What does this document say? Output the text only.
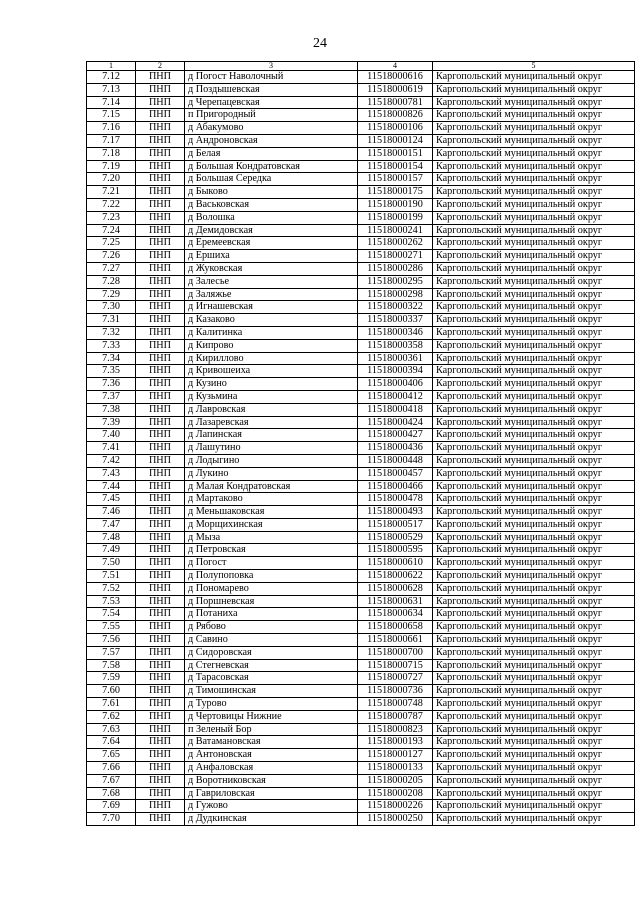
24
1	2	3	4	5
7.12	ПНП	д Погост Наволочный	11518000616	Каргопольский муниципальный округ
7.13	ПНП	д Поздышевская	11518000619	Каргопольский муниципальный округ
7.14	ПНП	д Черепацевская	11518000781	Каргопольский муниципальный округ
7.15	ПНП	п Пригородный	11518000826	Каргопольский муниципальный округ
7.16	ПНП	д Абакумово	11518000106	Каргопольский муниципальный округ
7.17	ПНП	д Андроновская	11518000124	Каргопольский муниципальный округ
7.18	ПНП	д Белая	11518000151	Каргопольский муниципальный округ
7.19	ПНП	д Большая Кондратовская	11518000154	Каргопольский муниципальный округ
7.20	ПНП	д Большая Середка	11518000157	Каргопольский муниципальный округ
7.21	ПНП	д Быково	11518000175	Каргопольский муниципальный округ
7.22	ПНП	д Васьковская	11518000190	Каргопольский муниципальный округ
7.23	ПНП	д Волошка	11518000199	Каргопольский муниципальный округ
7.24	ПНП	д Демидовская	11518000241	Каргопольский муниципальный округ
7.25	ПНП	д Еремеевская	11518000262	Каргопольский муниципальный округ
7.26	ПНП	д Ершиха	11518000271	Каргопольский муниципальный округ
7.27	ПНП	д Жуковская	11518000286	Каргопольский муниципальный округ
7.28	ПНП	д Залесье	11518000295	Каргопольский муниципальный округ
7.29	ПНП	д Заляжье	11518000298	Каргопольский муниципальный округ
7.30	ПНП	д Игнашевская	11518000322	Каргопольский муниципальный округ
7.31	ПНП	д Казаково	11518000337	Каргопольский муниципальный округ
7.32	ПНП	д Калитинка	11518000346	Каргопольский муниципальный округ
7.33	ПНП	д Кипрово	11518000358	Каргопольский муниципальный округ
7.34	ПНП	д Кириллово	11518000361	Каргопольский муниципальный округ
7.35	ПНП	д Кривошеиха	11518000394	Каргопольский муниципальный округ
7.36	ПНП	д Кузино	11518000406	Каргопольский муниципальный округ
7.37	ПНП	д Кузьмина	11518000412	Каргопольский муниципальный округ
7.38	ПНП	д Лавровская	11518000418	Каргопольский муниципальный округ
7.39	ПНП	д Лазаревская	11518000424	Каргопольский муниципальный округ
7.40	ПНП	д Лапинская	11518000427	Каргопольский муниципальный округ
7.41	ПНП	д Лашутино	11518000436	Каргопольский муниципальный округ
7.42	ПНП	д Лодыгино	11518000448	Каргопольский муниципальный округ
7.43	ПНП	д Лукино	11518000457	Каргопольский муниципальный округ
7.44	ПНП	д Малая Кондратовская	11518000466	Каргопольский муниципальный округ
7.45	ПНП	д Мартаково	11518000478	Каргопольский муниципальный округ
7.46	ПНП	д Меньшаковская	11518000493	Каргопольский муниципальный округ
7.47	ПНП	д Морщихинская	11518000517	Каргопольский муниципальный округ
7.48	ПНП	д Мыза	11518000529	Каргопольский муниципальный округ
7.49	ПНП	д Петровская	11518000595	Каргопольский муниципальный округ
7.50	ПНП	д Погост	11518000610	Каргопольский муниципальный округ
7.51	ПНП	д Полупоповка	11518000622	Каргопольский муниципальный округ
7.52	ПНП	д Пономарево	11518000628	Каргопольский муниципальный округ
7.53	ПНП	д Поршневская	11518000631	Каргопольский муниципальный округ
7.54	ПНП	д Потаниха	11518000634	Каргопольский муниципальный округ
7.55	ПНП	д Рябово	11518000658	Каргопольский муниципальный округ
7.56	ПНП	д Савино	11518000661	Каргопольский муниципальный округ
7.57	ПНП	д Сидоровская	11518000700	Каргопольский муниципальный округ
7.58	ПНП	д Стегневская	11518000715	Каргопольский муниципальный округ
7.59	ПНП	д Тарасовская	11518000727	Каргопольский муниципальный округ
7.60	ПНП	д Тимошинская	11518000736	Каргопольский муниципальный округ
7.61	ПНП	д Турово	11518000748	Каргопольский муниципальный округ
7.62	ПНП	д Чертовицы Нижние	11518000787	Каргопольский муниципальный округ
7.63	ПНП	п Зеленый Бор	11518000823	Каргопольский муниципальный округ
7.64	ПНП	д Ватамановская	11518000193	Каргопольский муниципальный округ
7.65	ПНП	д Антоновская	11518000127	Каргопольский муниципальный округ
7.66	ПНП	д Анфаловская	11518000133	Каргопольский муниципальный округ
7.67	ПНП	д Воротниковская	11518000205	Каргопольский муниципальный округ
7.68	ПНП	д Гавриловская	11518000208	Каргопольский муниципальный округ
7.69	ПНП	д Гужово	11518000226	Каргопольский муниципальный округ
7.70	ПНП	д Дудкинская	11518000250	Каргопольский муниципальный округ
